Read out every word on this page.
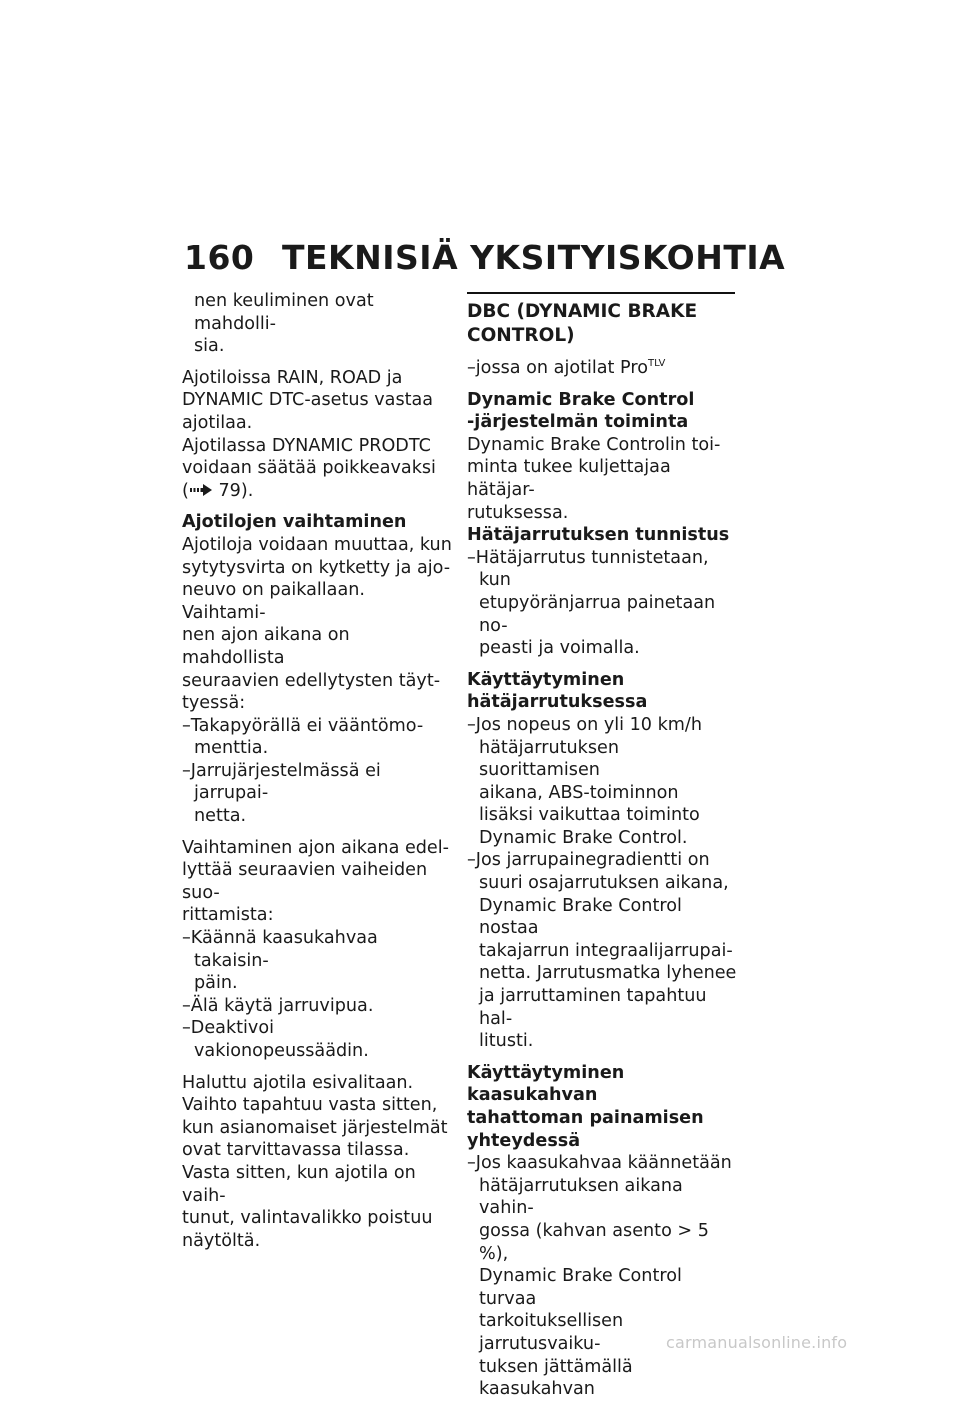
160 TEKNISIÄ YKSITYISKOHTIA

nen keuliminen ovat mahdolli-
sia.

Ajotiloissa RAIN, ROAD ja
DYNAMIC DTC-asetus vastaa
ajotilaa.
Ajotilassa DYNAMIC PRODTC
voidaan säätää poikkeavaksi
( 79).

Ajotilojen vaihtaminen

Ajotiloja voidaan muuttaa, kun
sytytysvirta on kytketty ja ajo-
neuvo on paikallaan. Vaihtami-
nen ajon aikana on mahdollista
seuraavien edellytysten täyt-
tyessä:

–Takapyörällä ei vääntömo-
menttia.

–Jarrujärjestelmässä ei jarrupai-
netta.

Vaihtaminen ajon aikana edel-
lyttää seuraavien vaiheiden suo-
rittamista:

–Käännä kaasukahvaa takaisin-
päin.

–Älä käytä jarruvipua.

–Deaktivoi vakionopeussäädin.

Haluttu ajotila esivalitaan.
Vaihto tapahtuu vasta sitten,
kun asianomaiset järjestelmät
ovat tarvittavassa tilassa.
Vasta sitten, kun ajotila on vaih-
tunut, valintavalikko poistuu
näytöltä.

DBC (DYNAMIC BRAKE
CONTROL)

–jossa on ajotilat Pro$^{TLV}$

Dynamic Brake Control
-järjestelmän toiminta

Dynamic Brake Controlin toi-
minta tukee kuljettajaa hätäjar-
rutuksessa.

Hätäjarrutuksen tunnistus

–Hätäjarrutus tunnistetaan, kun
etupyöränjarrua painetaan no-
peasti ja voimalla.

Käyttäytyminen
hätäjarrutuksessa

–Jos nopeus on yli 10 km/h
hätäjarrutuksen suorittamisen
aikana, ABS-toiminnon
lisäksi vaikuttaa toiminto
Dynamic Brake Control.

–Jos jarrupainegradientti on
suuri osajarrutuksen aikana,
Dynamic Brake Control nostaa
takajarrun integraalijarrupai-
netta. Jarrutusmatka lyhenee
ja jarruttaminen tapahtuu hal-
litusti.

Käyttäytyminen kaasukahvan
tahattoman painamisen
yhteydessä

–Jos kaasukahvaa käännetään
hätäjarrutuksen aikana vahin-
gossa (kahvan asento > 5 %),
Dynamic Brake Control turvaa
tarkoituksellisen jarrutusvaiku-
tuksen jättämällä kaasukahvan

carmanualsonline.info
